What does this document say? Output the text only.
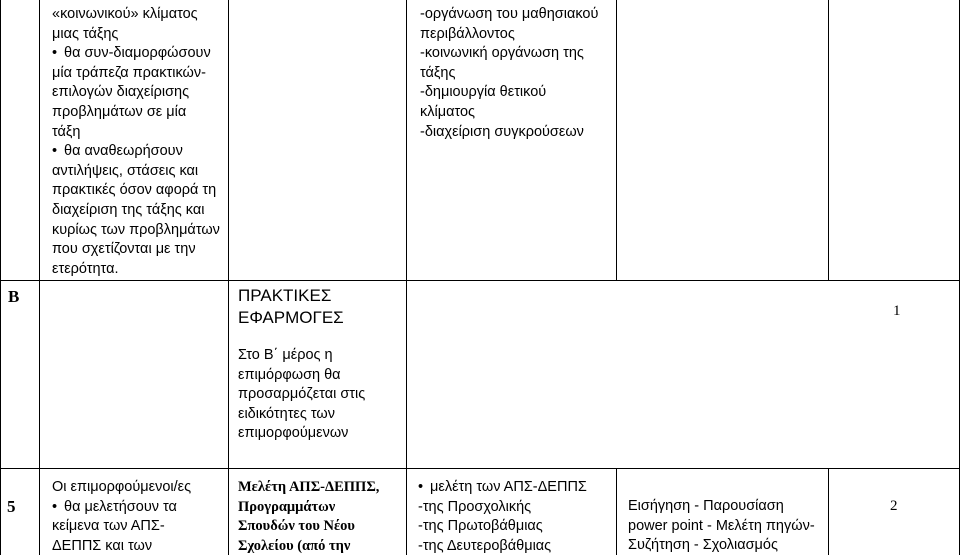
«κοινωνικού» κλίματος
μιας τάξης
• θα συν-διαμορφώσουν
μία τράπεζα πρακτικών-
επιλογών διαχείρισης
προβλημάτων σε μία
τάξη
• θα αναθεωρήσουν
αντιλήψεις, στάσεις και
πρακτικές όσον αφορά τη
διαχείριση της τάξης και
κυρίως των προβλημάτων
που σχετίζονται με την
ετερότητα.
-οργάνωση του μαθησιακού
περιβάλλοντος
-κοινωνική οργάνωση της
τάξης
-δημιουργία θετικού
κλίματος
-διαχείριση συγκρούσεων
Β	ΠΡΑΚΤΙΚΕΣ
ΕΦΑΡΜΟΓΕΣ
Στο Β΄ μέρος η
επιμόρφωση θα
προσαρμόζεται στις
ειδικότητες των
επιμορφούμενων
1
5
Οι επιμορφούμενοι/ες
• θα μελετήσουν τα
κείμενα των ΑΠΣ-
ΔΕΠΠΣ και των
Μελέτη ΑΠΣ-ΔΕΠΠΣ,
Προγραμμάτων
Σπουδών του Νέου
Σχολείου (από την
• μελέτη των ΑΠΣ-ΔΕΠΠΣ
-της Προσχολικής
-της Πρωτοβάθμιας
-της Δευτεροβάθμιας
Εισήγηση - Παρουσίαση
power point - Μελέτη πηγών-
Συζήτηση - Σχολιασμός
2
